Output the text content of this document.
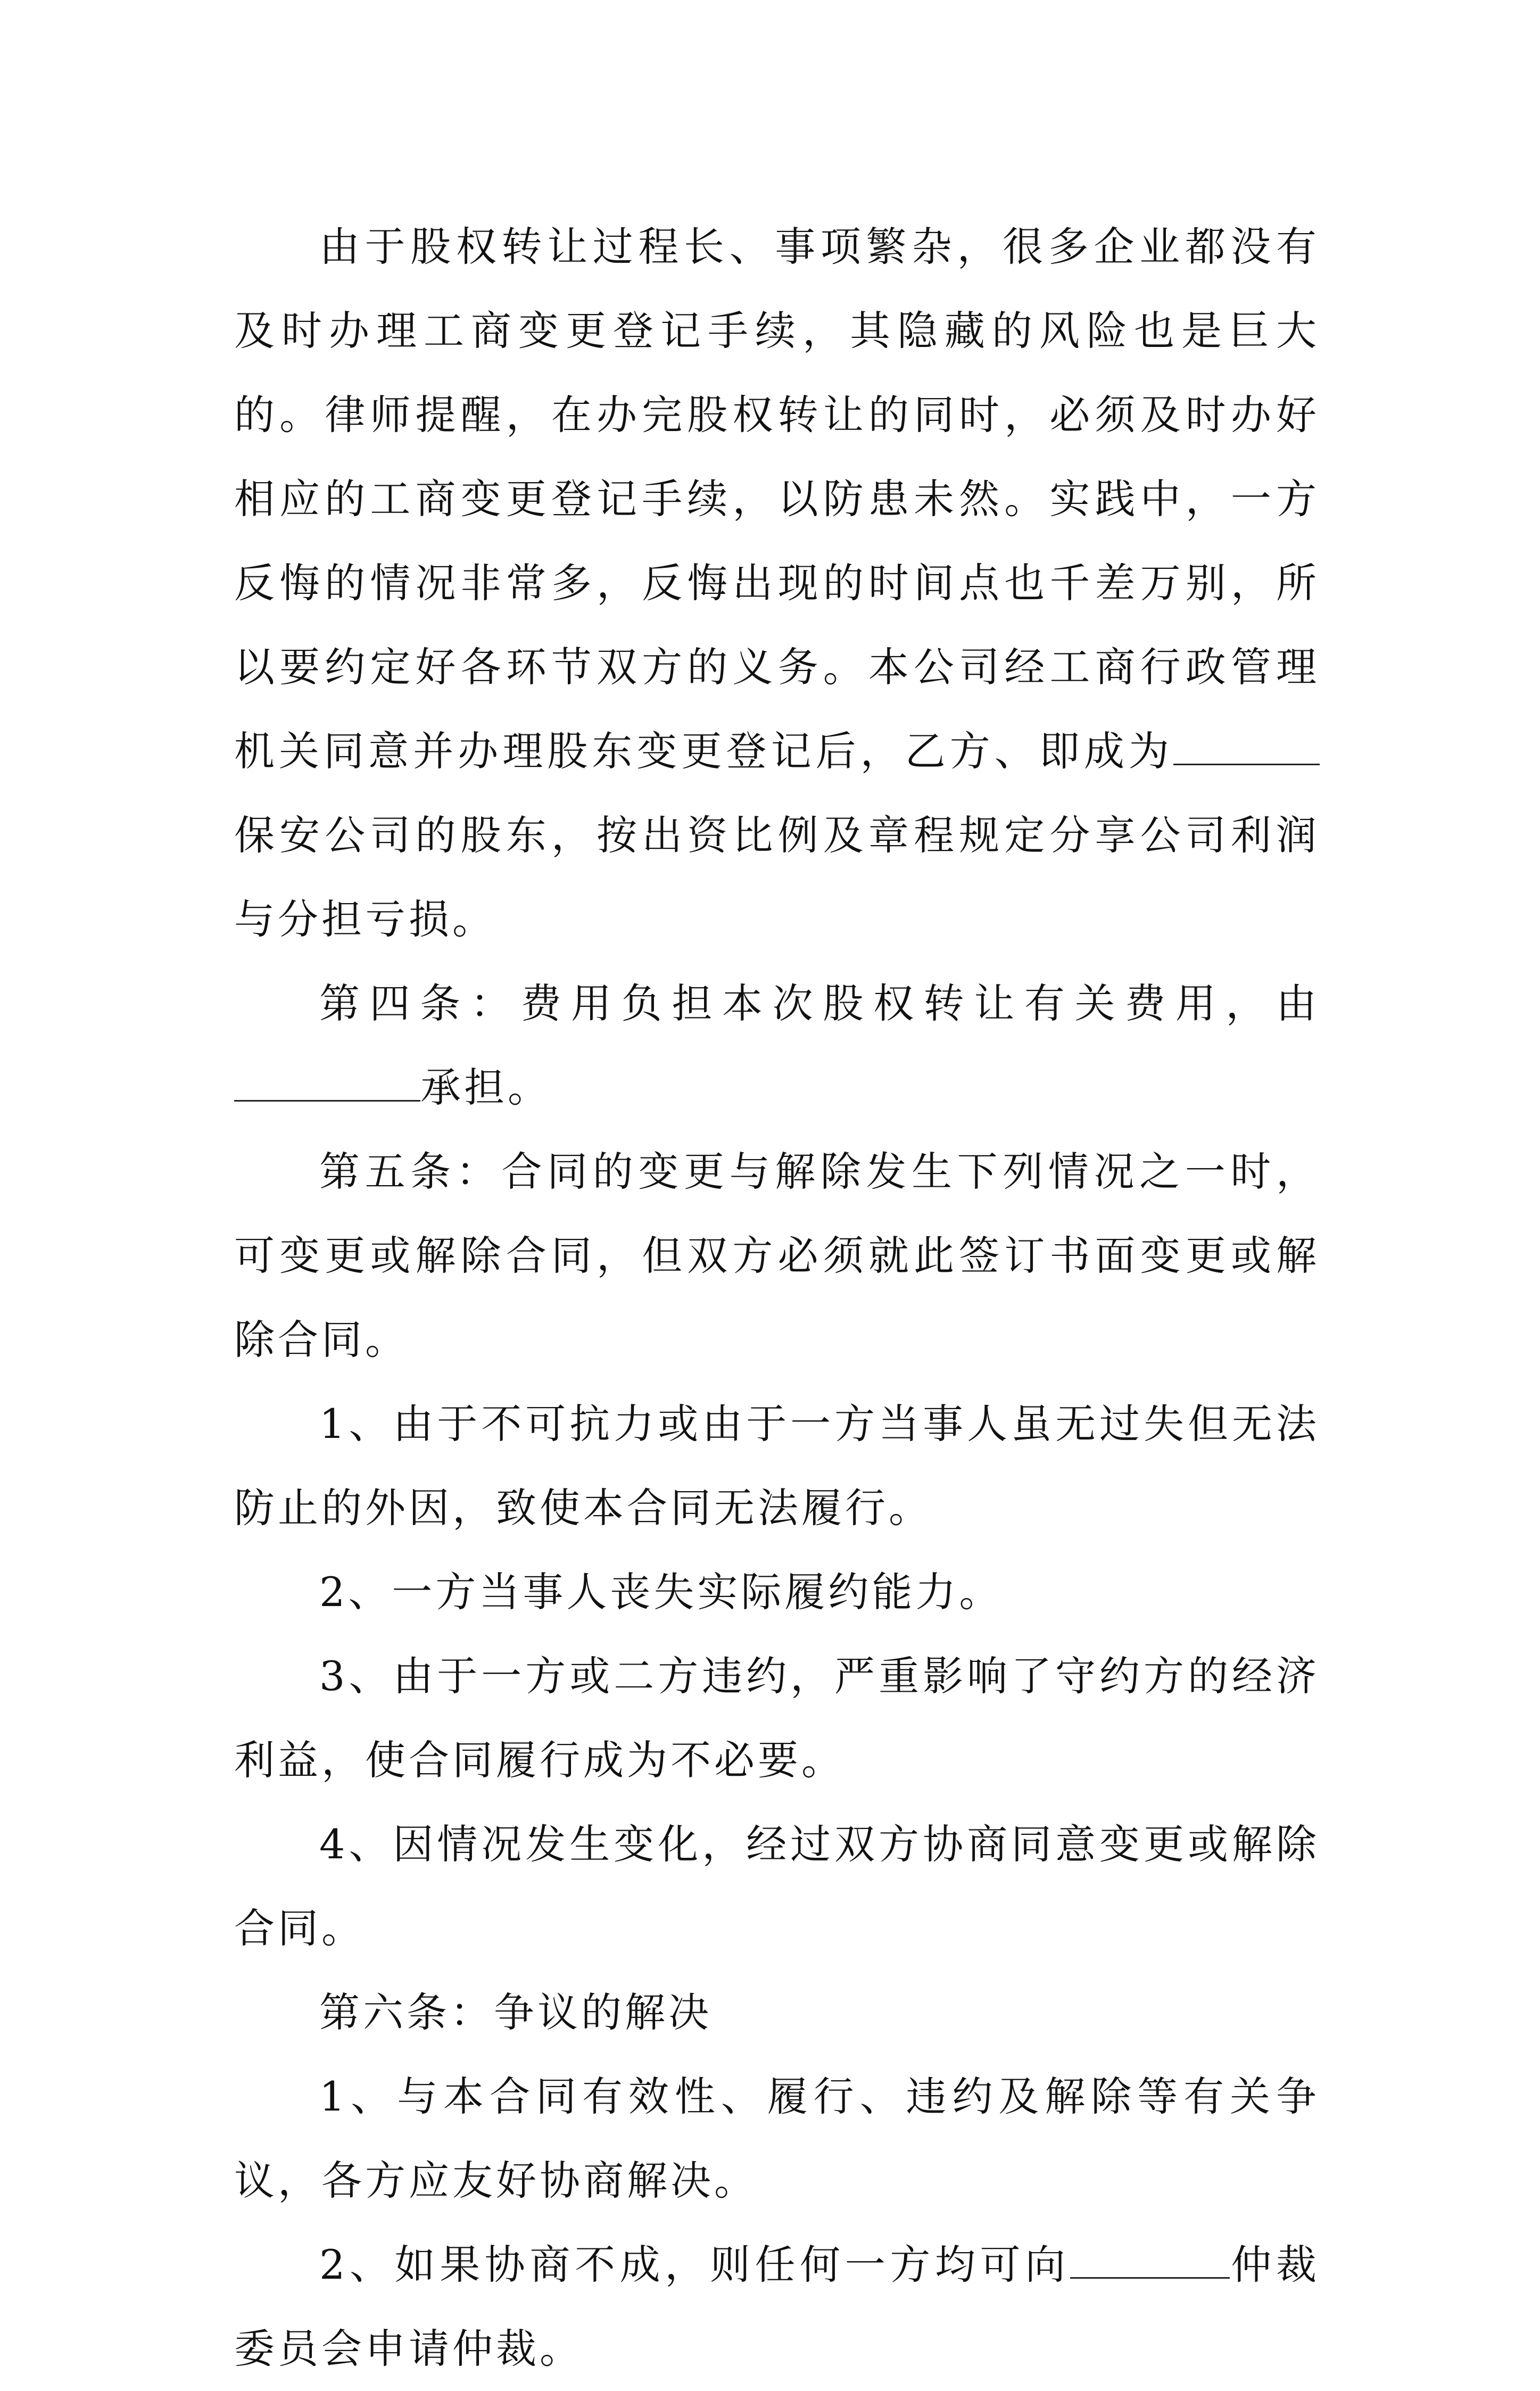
由于股权转让过程长、事项繁杂，很多企业都没有及时办理工商变更登记手续，其隐藏的风险也是巨大的。律师提醒，在办完股权转让的同时，必须及时办好相应的工商变更登记手续，以防患未然。实践中，一方反悔的情况非常多，反悔出现的时间点也千差万别，所以要约定好各环节双方的义务。本公司经工商行政管理机关同意并办理股东变更登记后，乙方、即成为保安公司的股东，按出资比例及章程规定分享公司利润与分担亏损。

第四条：费用负担本次股权转让有关费用，由承担。

第五条：合同的变更与解除发生下列情况之一时，可变更或解除合同，但双方必须就此签订书面变更或解除合同。

1、由于不可抗力或由于一方当事人虽无过失但无法防止的外因，致使本合同无法履行。

2、一方当事人丧失实际履约能力。

3、由于一方或二方违约，严重影响了守约方的经济利益，使合同履行成为不必要。

4、因情况发生变化，经过双方协商同意变更或解除合同。

第六条：争议的解决

1、与本合同有效性、履行、违约及解除等有关争议，各方应友好协商解决。

2、如果协商不成，则任何一方均可向	仲裁委员会申请仲裁。
